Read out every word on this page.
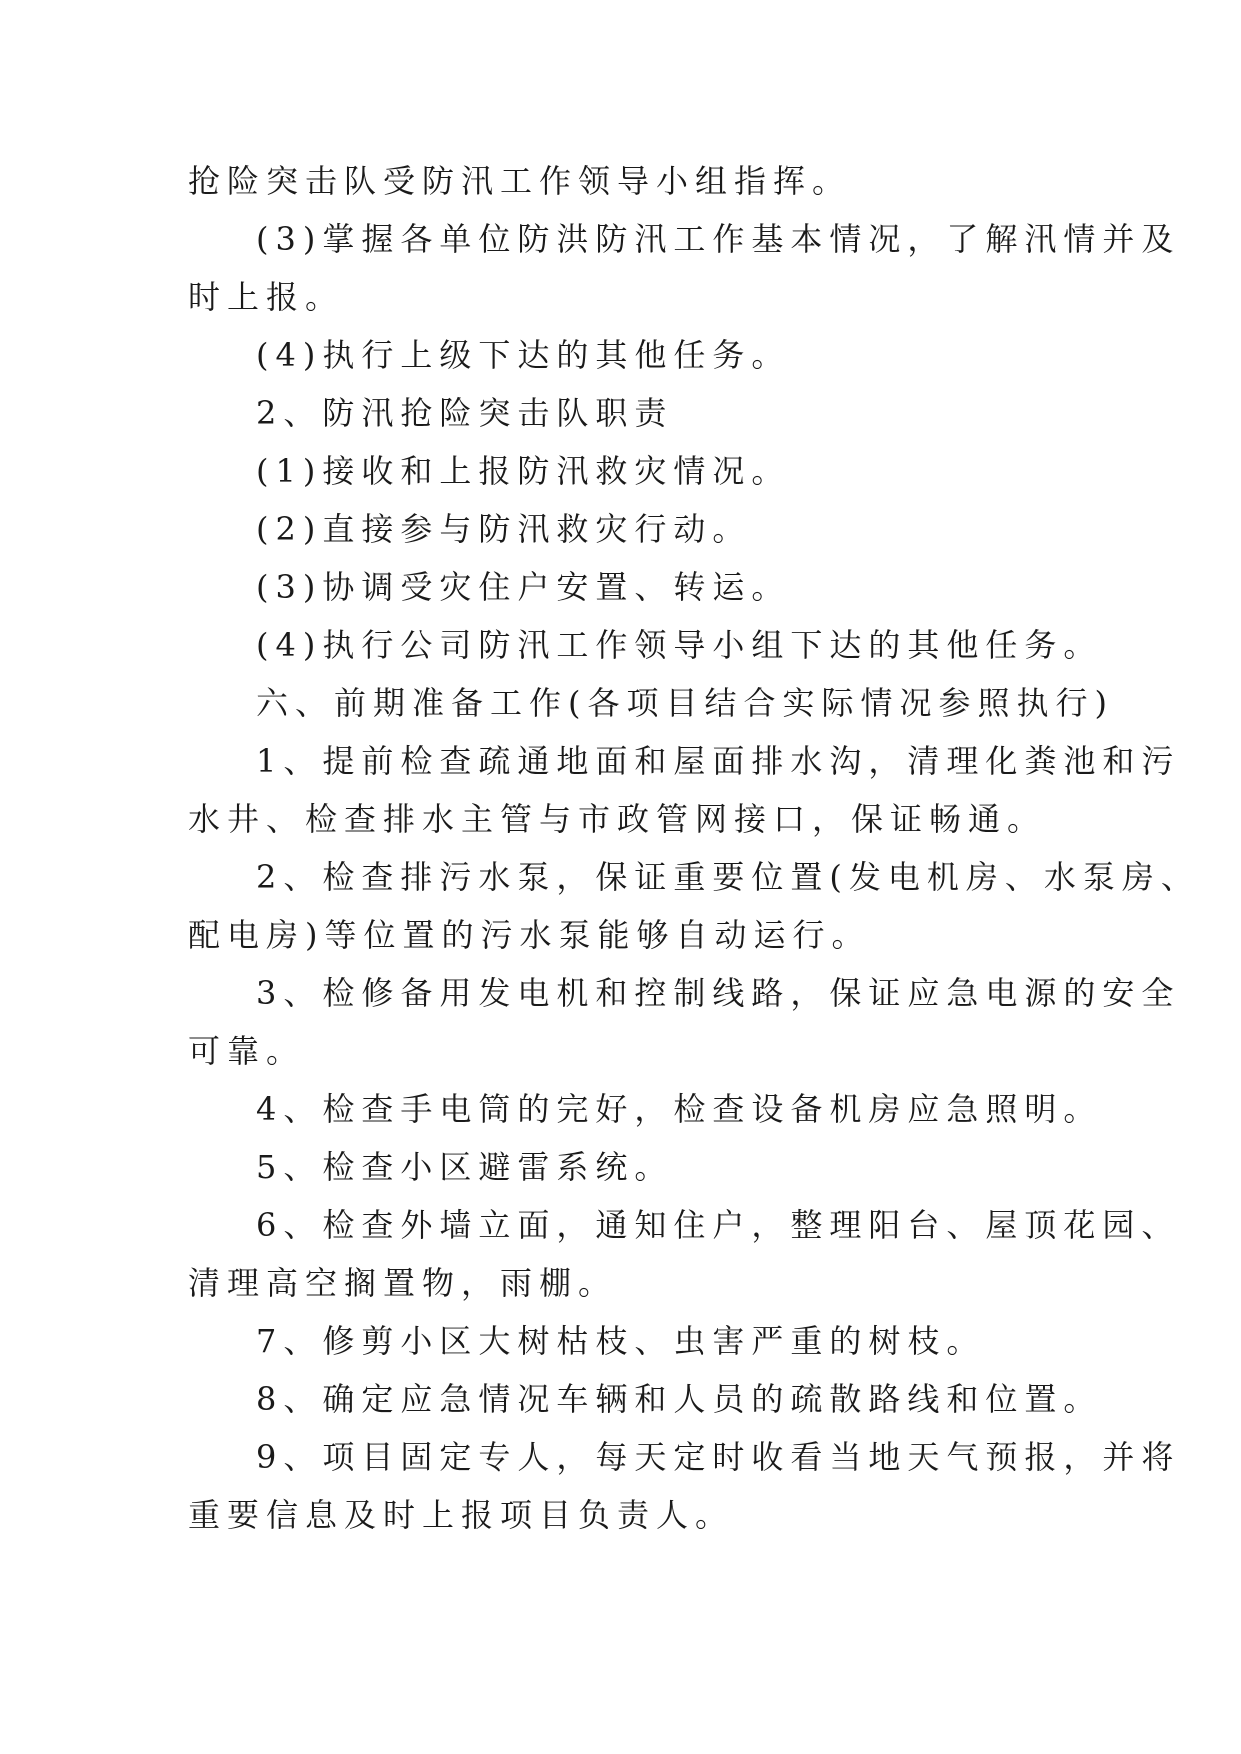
抢险突击队受防汛工作领导小组指挥。
(3)掌握各单位防洪防汛工作基本情况，了解汛情并及
时上报。
(4)执行上级下达的其他任务。
2、防汛抢险突击队职责
(1)接收和上报防汛救灾情况。
(2)直接参与防汛救灾行动。
(3)协调受灾住户安置、转运。
(4)执行公司防汛工作领导小组下达的其他任务。
六、前期准备工作(各项目结合实际情况参照执行)
1、提前检查疏通地面和屋面排水沟，清理化粪池和污
水井、检查排水主管与市政管网接口，保证畅通。
2、检查排污水泵，保证重要位置(发电机房、水泵房、
配电房)等位置的污水泵能够自动运行。
3、检修备用发电机和控制线路，保证应急电源的安全
可靠。
4、检查手电筒的完好，检查设备机房应急照明。
5、检查小区避雷系统。
6、检查外墙立面，通知住户，整理阳台、屋顶花园、
清理高空搁置物，雨棚。
7、修剪小区大树枯枝、虫害严重的树枝。
8、确定应急情况车辆和人员的疏散路线和位置。
9、项目固定专人，每天定时收看当地天气预报，并将
重要信息及时上报项目负责人。
